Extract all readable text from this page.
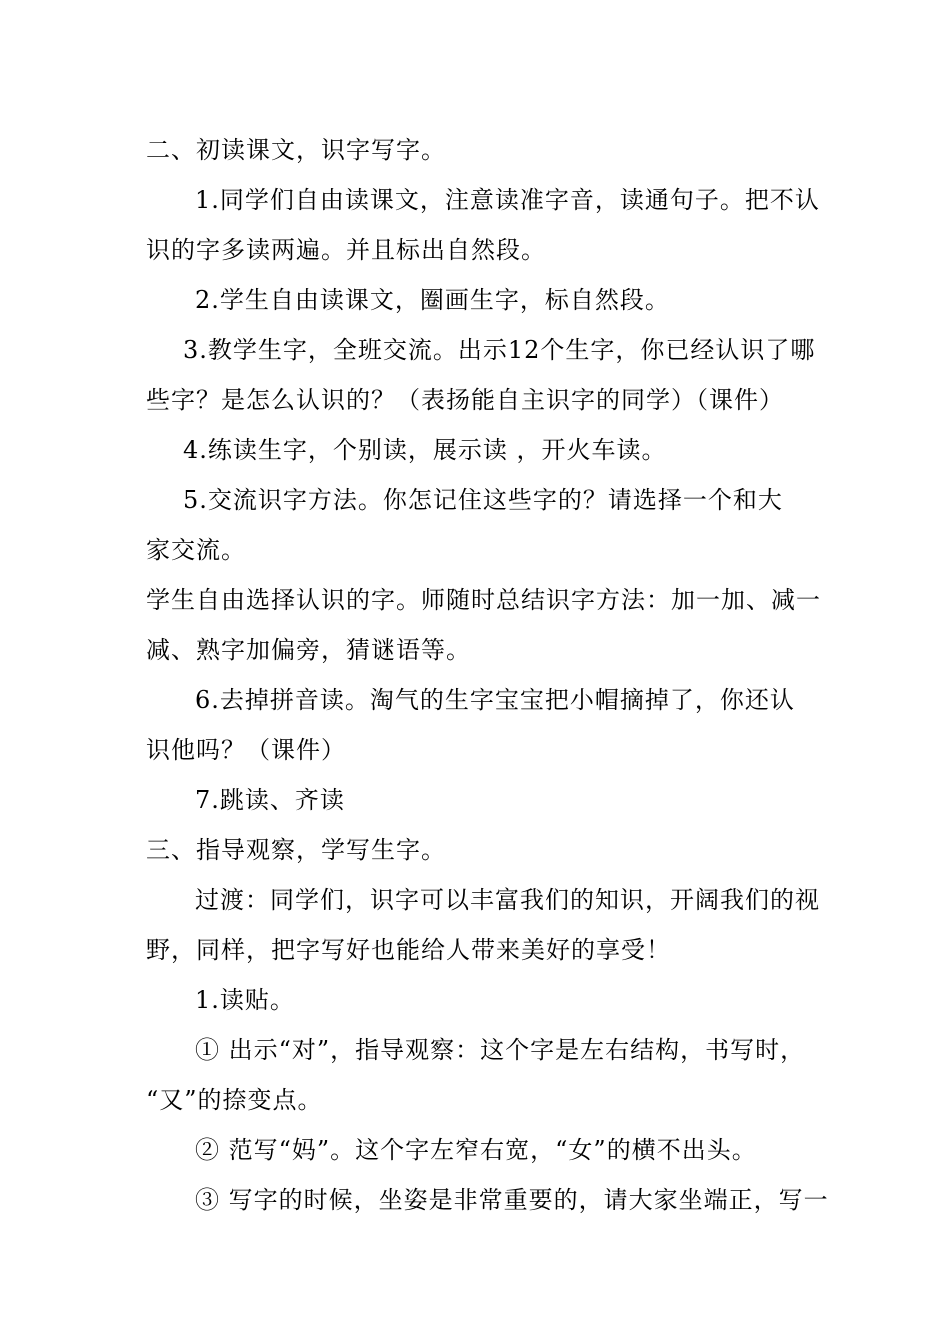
二、初读课文，识字写字。
1.同学们自由读课文，注意读准字音，读通句子。把不认
识的字多读两遍。并且标出自然段。
2.学生自由读课文，圈画生字，标自然段。
3.教学生字，全班交流。出示12个生字，你已经认识了哪
些字？是怎么认识的？（表扬能自主识字的同学）（课件）
4.练读生字，个别读，展示读 ，开火车读。
5.交流识字方法。你怎记住这些字的？请选择一个和大
家交流。
学生自由选择认识的字。师随时总结识字方法：加一加、减一
减、熟字加偏旁，猜谜语等。
6.去掉拼音读。淘气的生字宝宝把小帽摘掉了，你还认
识他吗？（课件）
7.跳读、齐读
三、指导观察，学写生字。
过渡：同学们，识字可以丰富我们的知识，开阔我们的视
野，同样，把字写好也能给人带来美好的享受！
1.读贴。
① 出示“对”，指导观察：这个字是左右结构，书写时，
“又”的捺变点。
② 范写“妈”。这个字左窄右宽，“女”的横不出头。
③ 写字的时候，坐姿是非常重要的，请大家坐端正，写一
